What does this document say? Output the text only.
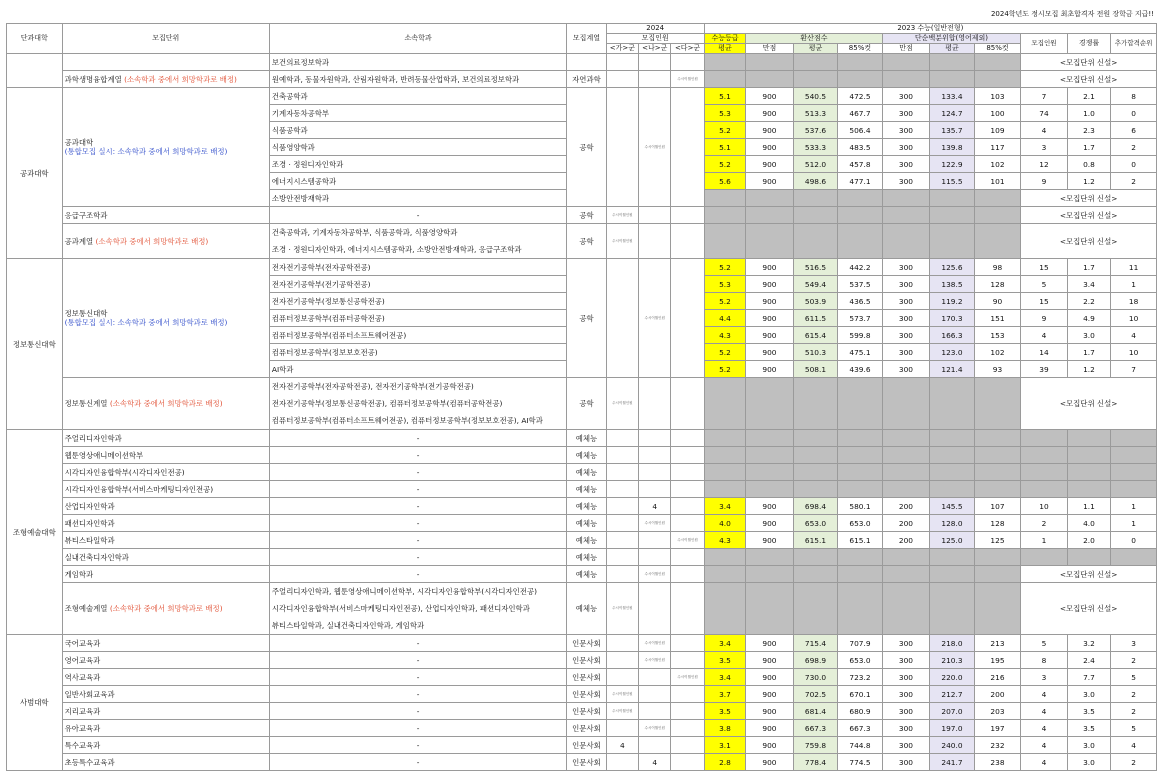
2024학년도 정시모집 최초합격자 전원 장학금 지급!!
단과대학	모집단위	소속학과	모집계열	2024			2023 수능(일반전형)									
				모집인원			수능등급	환산점수			단순백분위합(영어제외)			모집인원	경쟁률	추가합격순위
				<가>군	<나>군	<다>군	평균	만점	평균	85%컷	만점	평균	85%컷			
		보건의료정보학과												<모집단위 신설>		
	과학생명융합계열 (소속학과 중에서 희망학과로 배정)	원예학과, 동물자원학과, 산림자원학과, 반려동물산업학과, 보건의료정보학과	자연과학			수시이월인원								<모집단위 신설>		
공과대학	공과대학
(통합모집 실시: 소속학과 중에서 희망학과로 배정)	건축공학과	공학		수시이월인원		5.1	900	540.5	472.5	300	133.4	103	7	2.1	8
		기계자동차공학부					5.3	900	513.3	467.7	300	124.7	100	74	1.0	0
		식품공학과					5.2	900	537.6	506.4	300	135.7	109	4	2.3	6
		식품영양학과					5.1	900	533.3	483.5	300	139.8	117	3	1.7	2
		조경 · 정원디자인학과					5.2	900	512.0	457.8	300	122.9	102	12	0.8	0
		에너지시스템공학과					5.6	900	498.6	477.1	300	115.5	101	9	1.2	2
		소방안전방재학과												<모집단위 신설>		
	응급구조학과	-	공학	수시이월인원										<모집단위 신설>		
	공과계열 (소속학과 중에서 희망학과로 배정)	건축공학과, 기계자동차공학부, 식품공학과, 식품영양학과
조경 · 정원디자인학과, 에너지시스템공학과, 소방안전방재학과, 응급구조학과	공학	수시이월인원										<모집단위 신설>		
정보통신대학	정보통신대학
(통합모집 실시: 소속학과 중에서 희망학과로 배정)	전자전기공학부(전자공학전공)	공학		수시이월인원		5.2	900	516.5	442.2	300	125.6	98	15	1.7	11
		전자전기공학부(전기공학전공)					5.3	900	549.4	537.5	300	138.5	128	5	3.4	1
		전자전기공학부(정보통신공학전공)					5.2	900	503.9	436.5	300	119.2	90	15	2.2	18
		컴퓨터정보공학부(컴퓨터공학전공)					4.4	900	611.5	573.7	300	170.3	151	9	4.9	10
		컴퓨터정보공학부(컴퓨터소프트웨어전공)					4.3	900	615.4	599.8	300	166.3	153	4	3.0	4
		컴퓨터정보공학부(정보보호전공)					5.2	900	510.3	475.1	300	123.0	102	14	1.7	10
		AI학과					5.2	900	508.1	439.6	300	121.4	93	39	1.2	7
	정보통신계열 (소속학과 중에서 희망학과로 배정)	전자전기공학부(전자공학전공), 전자전기공학부(전기공학전공)
전자전기공학부(정보통신공학전공), 컴퓨터정보공학부(컴퓨터공학전공)
컴퓨터정보공학부(컴퓨터소프트웨어전공), 컴퓨터정보공학부(정보보호전공), AI학과	공학	수시이월인원										<모집단위 신설>		
조형예술대학	주얼리디자인학과	-	예체능													
	웹툰영상애니메이션학부	-	예체능													
	시각디자인융합학부(시각디자인전공)	-	예체능													
	시각디자인융합학부(서비스마케팅디자인전공)	-	예체능													
	산업디자인학과	-	예체능		4		3.4	900	698.4	580.1	200	145.5	107	10	1.1	1
	패션디자인학과	-	예체능		수시이월인원		4.0	900	653.0	653.0	200	128.0	128	2	4.0	1
	뷰티스타일학과	-	예체능			수시이월인원	4.3	900	615.1	615.1	200	125.0	125	1	2.0	0
	실내건축디자인학과	-	예체능													
	게임학과	-	예체능		수시이월인원									<모집단위 신설>		
	조형예술계열 (소속학과 중에서 희망학과로 배정)	주얼리디자인학과, 웹툰영상애니메이션학부, 시각디자인융합학부(시각디자인전공)
시각디자인융합학부(서비스마케팅디자인전공), 산업디자인학과, 패션디자인학과
뷰티스타일학과, 실내건축디자인학과, 게임학과	예체능	수시이월인원										<모집단위 신설>		
사범대학	국어교육과	-	인문사회		수시이월인원		3.4	900	715.4	707.9	300	218.0	213	5	3.2	3
	영어교육과	-	인문사회		수시이월인원		3.5	900	698.9	653.0	300	210.3	195	8	2.4	2
	역사교육과	-	인문사회			수시이월인원	3.4	900	730.0	723.2	300	220.0	216	3	7.7	5
	일반사회교육과	-	인문사회	수시이월인원			3.7	900	702.5	670.1	300	212.7	200	4	3.0	2
	지리교육과	-	인문사회	수시이월인원			3.5	900	681.4	680.9	300	207.0	203	4	3.5	2
	유아교육과	-	인문사회		수시이월인원		3.8	900	667.3	667.3	300	197.0	197	4	3.5	5
	특수교육과	-	인문사회	4			3.1	900	759.8	744.8	300	240.0	232	4	3.0	4
	초등특수교육과	-	인문사회		4		2.8	900	778.4	774.5	300	241.7	238	4	3.0	2
